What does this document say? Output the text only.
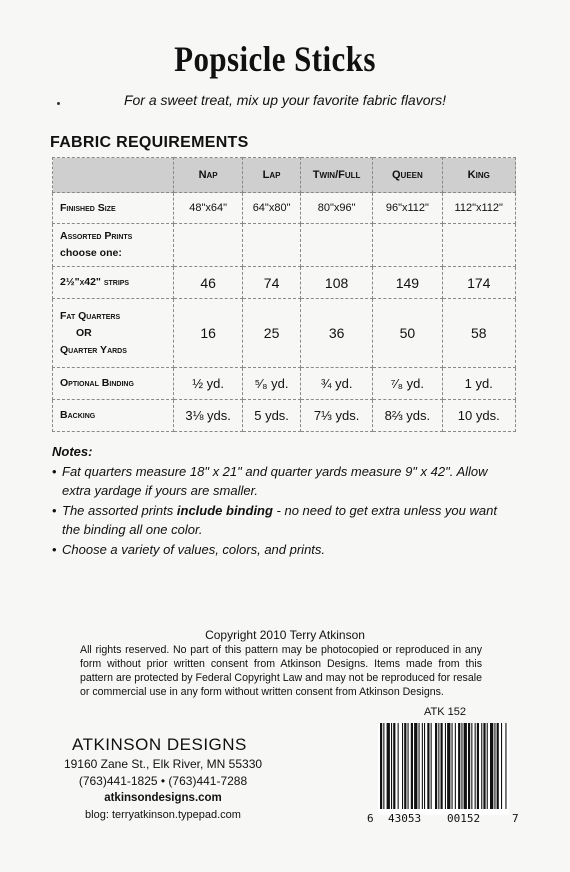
Popsicle Sticks
For a sweet treat, mix up your favorite fabric flavors!
FABRIC REQUIREMENTS
	Nap	Lap	Twin/Full	Queen	King
Finished Size	48"x64"	64"x80"	80"x96"	96"x112"	112"x112"

Assorted Prints
choose one:					

2½"x42" strips	46	74	108	149	174

Fat Quarters
OR
Quarter Yards	16	25	36	50	58
Optional Binding	½ yd.	⁵⁄₈ yd.	¾ yd.	⁷⁄₈ yd.	1 yd.
Backing	3⅛ yds.	5 yds.	7⅓ yds.	8⅔ yds.	10 yds.
Notes:
• Fat quarters measure 18" x 21" and quarter yards measure 9" x 42". Allow extra yardage if yours are smaller.
• The assorted prints include binding - no need to get extra unless you want the binding all one color.
• Choose a variety of values, colors, and prints.
Copyright 2010 Terry Atkinson
All rights reserved. No part of this pattern may be photocopied or reproduced in any form without prior written consent from Atkinson Designs. Items made from this pattern are protected by Federal Copyright Law and may not be reproduced for resale or commercial use in any form without written consent from Atkinson Designs.
ATKINSON DESIGNS
19160 Zane St., Elk River, MN 55330
(763)441-1825 • (763)441-7288
atkinsondesigns.com
blog: terryatkinson.typepad.com
ATK 152
6 43053 00152	7
